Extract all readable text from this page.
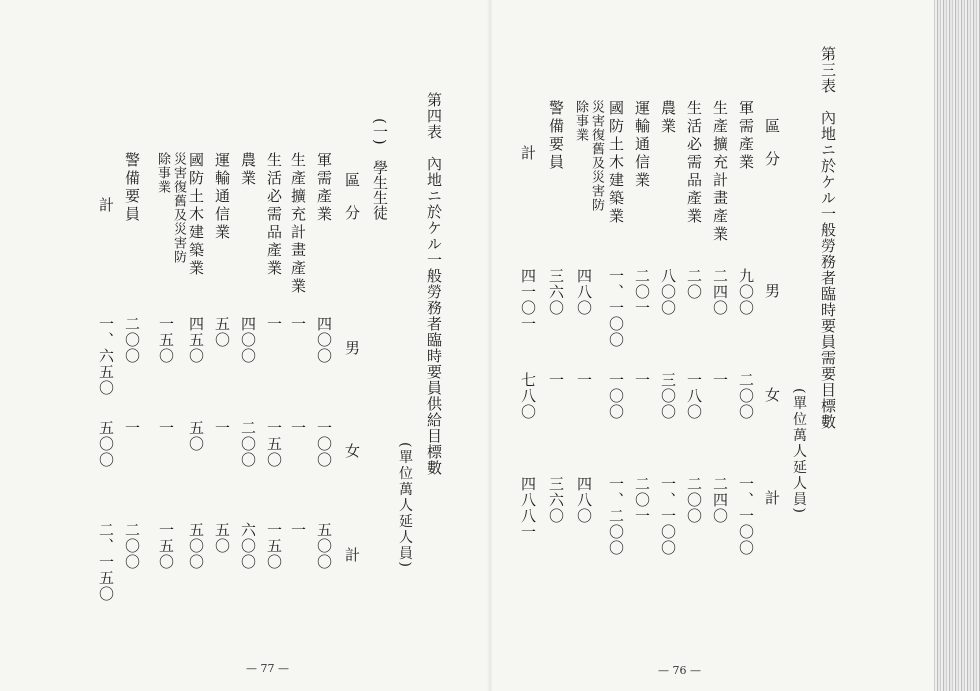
第四表　內地ニ於ケル一般勞務者臨時要員供給目標數
(單位萬人延人員)
(一)　學生生徒
區分
男
女
計
軍需產業
四〇〇
一〇〇
五〇〇
生產擴充計畫產業
一
一
一
生活必需品產業
一
一五〇
一五〇
農業
四〇〇
二〇〇
六〇〇
運輸通信業
五〇
一
五〇
國防土木建築業
四五〇
五〇
五〇〇
災害復舊及災害防除事業
一五〇
一
一五〇
警備要員
二〇〇
一
二〇〇
計
一、六五〇
五〇〇
二、一五〇
— 77 —
第三表　內地ニ於ケル一般勞務者臨時要員需要目標數
(單位萬人延人員)
區分
男
女
計
軍需產業
九〇〇
二〇〇
一、一〇〇
生產擴充計畫產業
二四〇
一
二四〇
生活必需品產業
二〇
一八〇
二〇〇
農業
八〇〇
三〇〇
一、一〇〇
運輸通信業
二〇一
一
二〇一
國防土木建築業
一、一〇〇
一〇〇
一、二〇〇
災害復舊及災害防除事業
四八〇
一
四八〇
警備要員
三六〇
一
三六〇
計
四一〇一
七八〇
四八八一
— 76 —
